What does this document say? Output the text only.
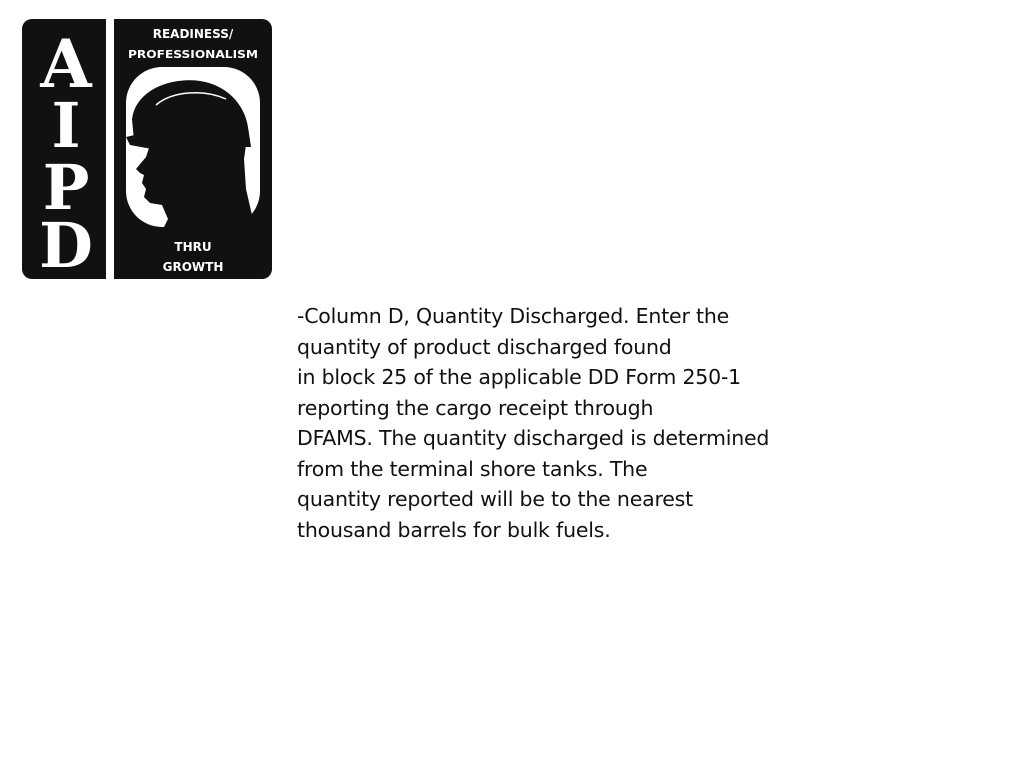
A
I
P
D
READINESS/
PROFESSIONALISM
THRU
GROWTH

-Column D, Quantity Discharged. Enter the
quantity of product discharged found
in block 25 of the applicable DD Form 250-1
reporting the cargo receipt through
DFAMS. The quantity discharged is determined
from the terminal shore tanks. The
quantity reported will be to the nearest
thousand barrels for bulk fuels.
